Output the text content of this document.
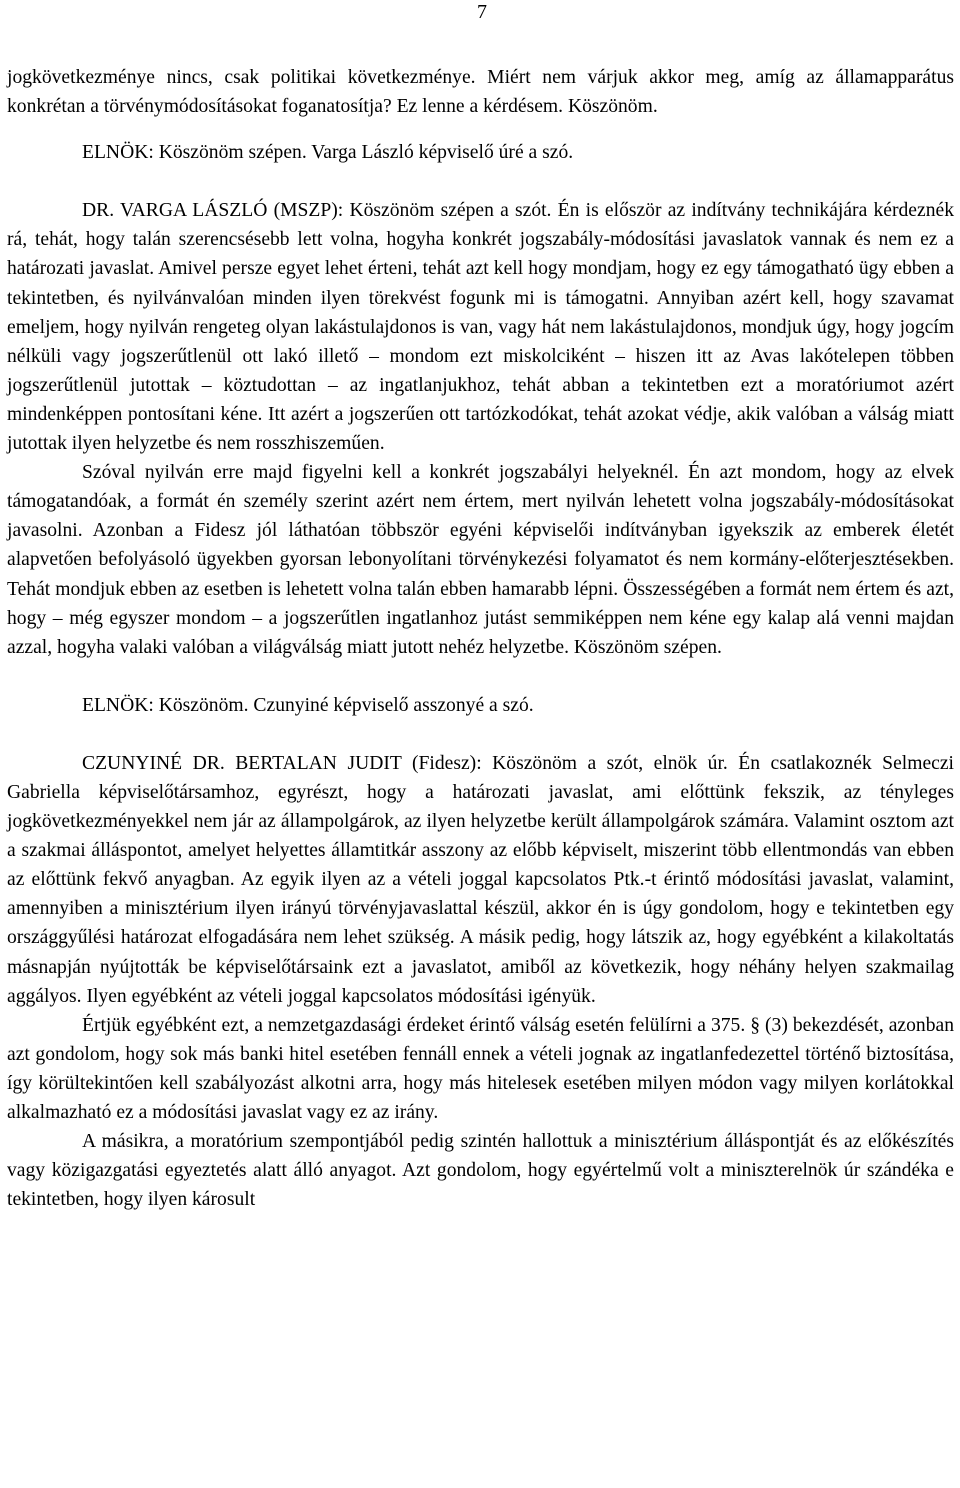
7

jogkövetkezménye nincs, csak politikai következménye. Miért nem várjuk akkor meg, amíg az államapparátus konkrétan a törvénymódosításokat foganatosítja? Ez lenne a kérdésem. Köszönöm.

ELNÖK: Köszönöm szépen. Varga László képviselő úré a szó.

DR. VARGA LÁSZLÓ (MSZP): Köszönöm szépen a szót. Én is először az indítvány technikájára kérdeznék rá, tehát, hogy talán szerencsésebb lett volna, hogyha konkrét jogszabály-módosítási javaslatok vannak és nem ez a határozati javaslat. Amivel persze egyet lehet érteni, tehát azt kell hogy mondjam, hogy ez egy támogatható ügy ebben a tekintetben, és nyilvánvalóan minden ilyen törekvést fogunk mi is támogatni. Annyiban azért kell, hogy szavamat emeljem, hogy nyilván rengeteg olyan lakástulajdonos is van, vagy hát nem lakástulajdonos, mondjuk úgy, hogy jogcím nélküli vagy jogszerűtlenül ott lakó illető – mondom ezt miskolciként – hiszen itt az Avas lakótelepen többen jogszerűtlenül jutottak – köztudottan – az ingatlanjukhoz, tehát abban a tekintetben ezt a moratóriumot azért mindenképpen pontosítani kéne. Itt azért a jogszerűen ott tartózkodókat, tehát azokat védje, akik valóban a válság miatt jutottak ilyen helyzetbe és nem rosszhiszeműen.

Szóval nyilván erre majd figyelni kell a konkrét jogszabályi helyeknél. Én azt mondom, hogy az elvek támogatandóak, a formát én személy szerint azért nem értem, mert nyilván lehetett volna jogszabály-módosításokat javasolni. Azonban a Fidesz jól láthatóan többször egyéni képviselői indítványban igyekszik az emberek életét alapvetően befolyásoló ügyekben gyorsan lebonyolítani törvénykezési folyamatot és nem kormány-előterjesztésekben. Tehát mondjuk ebben az esetben is lehetett volna talán ebben hamarabb lépni. Összességében a formát nem értem és azt, hogy – még egyszer mondom – a jogszerűtlen ingatlanhoz jutást semmiképpen nem kéne egy kalap alá venni majdan azzal, hogyha valaki valóban a világválság miatt jutott nehéz helyzetbe. Köszönöm szépen.

ELNÖK: Köszönöm. Czunyiné képviselő asszonyé a szó.

CZUNYINÉ DR. BERTALAN JUDIT (Fidesz): Köszönöm a szót, elnök úr. Én csatlakoznék Selmeczi Gabriella képviselőtársamhoz, egyrészt, hogy a határozati javaslat, ami előttünk fekszik, az tényleges jogkövetkezményekkel nem jár az állampolgárok, az ilyen helyzetbe került állampolgárok számára. Valamint osztom azt a szakmai álláspontot, amelyet helyettes államtitkár asszony az előbb képviselt, miszerint több ellentmondás van ebben az előttünk fekvő anyagban. Az egyik ilyen az a vételi joggal kapcsolatos Ptk.-t érintő módosítási javaslat, valamint, amennyiben a minisztérium ilyen irányú törvényjavaslattal készül, akkor én is úgy gondolom, hogy e tekintetben egy országgyűlési határozat elfogadására nem lehet szükség. A másik pedig, hogy látszik az, hogy egyébként a kilakoltatás másnapján nyújtották be képviselőtársaink ezt a javaslatot, amiből az következik, hogy néhány helyen szakmailag aggályos. Ilyen egyébként az vételi joggal kapcsolatos módosítási igényük.

Értjük egyébként ezt, a nemzetgazdasági érdeket érintő válság esetén felülírni a 375. § (3) bekezdését, azonban azt gondolom, hogy sok más banki hitel esetében fennáll ennek a vételi jognak az ingatlanfedezettel történő biztosítása, így körültekintően kell szabályozást alkotni arra, hogy más hitelesek esetében milyen módon vagy milyen korlátokkal alkalmazható ez a módosítási javaslat vagy ez az irány.

A másikra, a moratórium szempontjából pedig szintén hallottuk a minisztérium álláspontját és az előkészítés vagy közigazgatási egyeztetés alatt álló anyagot. Azt gondolom, hogy egyértelmű volt a miniszterelnök úr szándéka e tekintetben, hogy ilyen károsult
